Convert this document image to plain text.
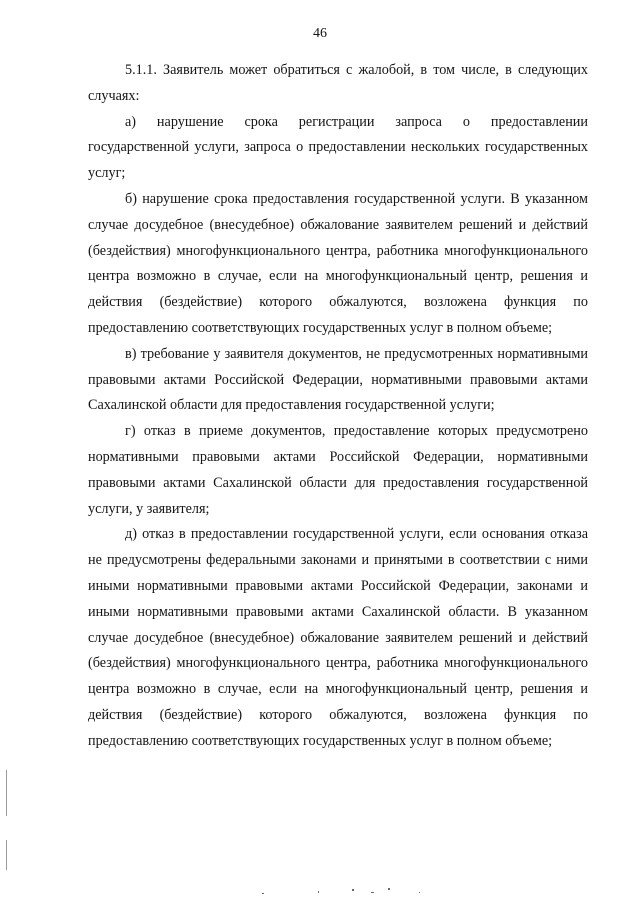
46

5.1.1. Заявитель может обратиться с жалобой, в том числе, в следующих случаях:

а) нарушение срока регистрации запроса о предоставлении государственной услуги, запроса о предоставлении нескольких государственных услуг;

б) нарушение срока предоставления государственной услуги. В указанном случае досудебное (внесудебное) обжалование заявителем решений и действий (бездействия) многофункционального центра, работника многофункционального центра возможно в случае, если на многофункциональный центр, решения и действия (бездействие) которого обжалуются, возложена функция по предоставлению соответствующих государственных услуг в полном объеме;

в) требование у заявителя документов, не предусмотренных нормативными правовыми актами Российской Федерации, нормативными правовыми актами Сахалинской области для предоставления государственной услуги;

г) отказ в приеме документов, предоставление которых предусмотрено нормативными правовыми актами Российской Федерации, нормативными правовыми актами Сахалинской области для предоставления государственной услуги, у заявителя;

д) отказ в предоставлении государственной услуги, если основания отказа не предусмотрены федеральными законами и принятыми в соответствии с ними иными нормативными правовыми актами Российской Федерации, законами и иными нормативными правовыми актами Сахалинской области. В указанном случае досудебное (внесудебное) обжалование заявителем решений и действий (бездействия) многофункционального центра, работника многофункционального центра возможно в случае, если на многофункциональный центр, решения и действия (бездействие) которого обжалуются, возложена функция по предоставлению соответствующих государственных услуг в полном объеме;
